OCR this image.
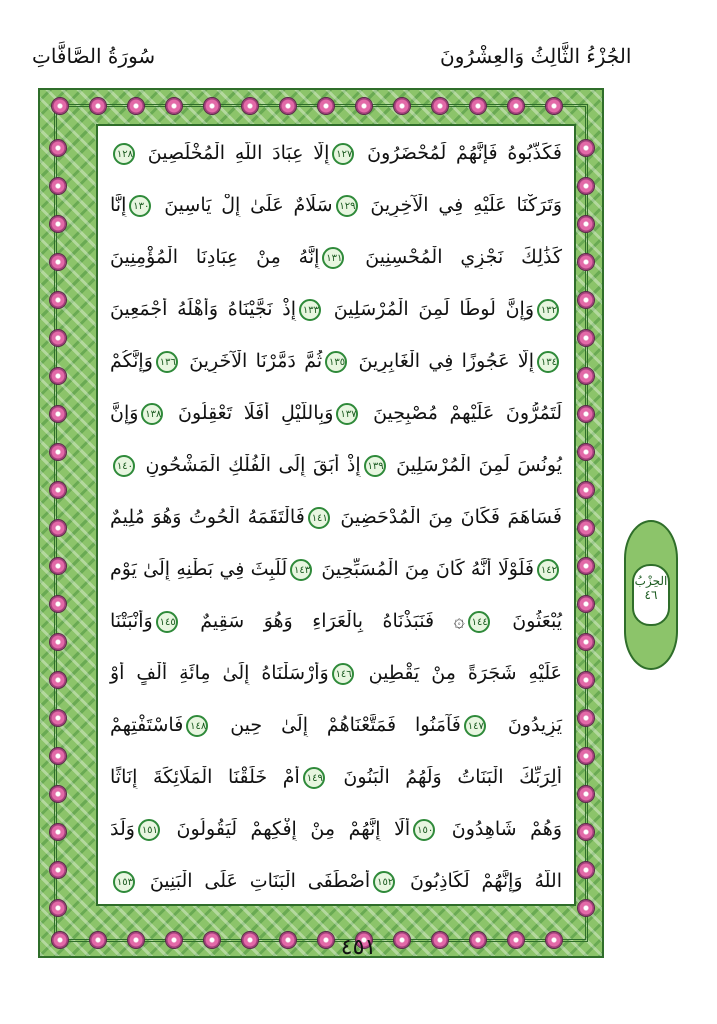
الجُزْءُ الثَّالِثُ وَالعِشْرُونَ
سُورَةُ الصَّافَّاتِ
فَكَذَّبُوهُ فَإِنَّهُمْ لَمُحْضَرُونَ ١٢٧إِلَّا عِبَادَ اللَّهِ الْمُخْلَصِينَ ١٢٨
وَتَرَكْنَا عَلَيْهِ فِي الْآخِرِينَ ١٢٩سَلَامٌ عَلَىٰ إِلْ يَاسِينَ ١٣٠إِنَّا
كَذَٰلِكَ نَجْزِي الْمُحْسِنِينَ ١٣١إِنَّهُ مِنْ عِبَادِنَا الْمُؤْمِنِينَ
١٣٢وَإِنَّ لُوطًا لَمِنَ الْمُرْسَلِينَ ١٣٣إِذْ نَجَّيْنَاهُ وَأَهْلَهُ أَجْمَعِينَ
١٣٤إِلَّا عَجُوزًا فِي الْغَابِرِينَ ١٣٥ثُمَّ دَمَّرْنَا الْآخَرِينَ ١٣٦وَإِنَّكُمْ
لَتَمُرُّونَ عَلَيْهِمْ مُصْبِحِينَ ١٣٧وَبِاللَّيْلِ أَفَلَا تَعْقِلُونَ ١٣٨وَإِنَّ
يُونُسَ لَمِنَ الْمُرْسَلِينَ ١٣٩إِذْ أَبَقَ إِلَى الْفُلْكِ الْمَشْحُونِ ١٤٠
فَسَاهَمَ فَكَانَ مِنَ الْمُدْحَضِينَ ١٤١فَالْتَقَمَهُ الْحُوتُ وَهُوَ مُلِيمٌ
١٤٢فَلَوْلَا أَنَّهُ كَانَ مِنَ الْمُسَبِّحِينَ ١٤٣لَلَبِثَ فِي بَطْنِهِ إِلَىٰ يَوْمِ
يُبْعَثُونَ ١٤٤۞ فَنَبَذْنَاهُ بِالْعَرَاءِ وَهُوَ سَقِيمٌ ١٤٥وَأَنْبَتْنَا
عَلَيْهِ شَجَرَةً مِنْ يَقْطِينٍ ١٤٦وَأَرْسَلْنَاهُ إِلَىٰ مِائَةِ أَلْفٍ أَوْ
يَزِيدُونَ ١٤٧فَآمَنُوا فَمَتَّعْنَاهُمْ إِلَىٰ حِينٍ ١٤٨فَاسْتَفْتِهِمْ
أَلِرَبِّكَ الْبَنَاتُ وَلَهُمُ الْبَنُونَ ١٤٩أَمْ خَلَقْنَا الْمَلَائِكَةَ إِنَاثًا
وَهُمْ شَاهِدُونَ ١٥٠أَلَا إِنَّهُمْ مِنْ إِفْكِهِمْ لَيَقُولُونَ ١٥١وَلَدَ
اللَّهُ وَإِنَّهُمْ لَكَاذِبُونَ ١٥٢أَصْطَفَى الْبَنَاتِ عَلَى الْبَنِينَ ١٥٣
الحِزْبُ
٤٦
٤٥١
